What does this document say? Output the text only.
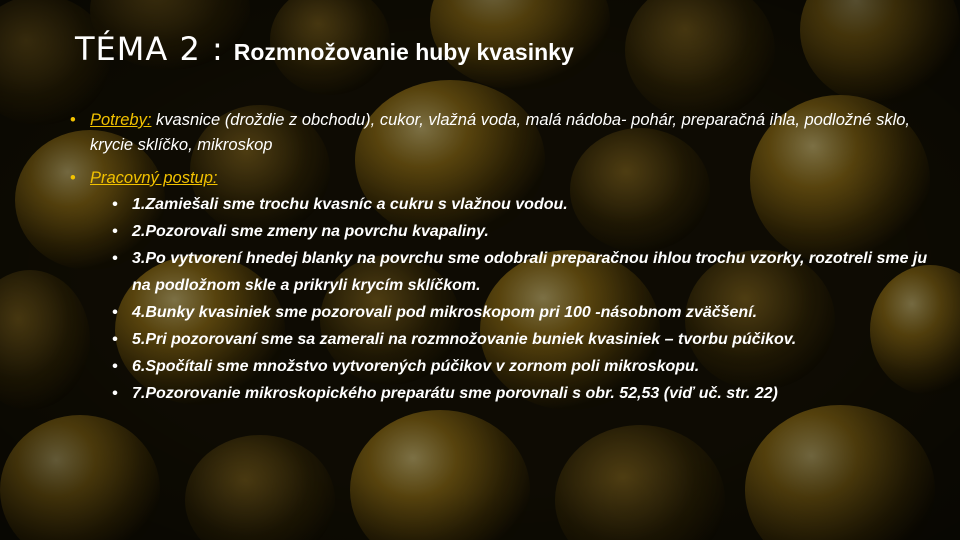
TÉMA 2 : Rozmnožovanie huby kvasinky
• Potreby: kvasnice (droždie z obchodu), cukor, vlažná voda, malá nádoba- pohár, preparačná ihla, podložné sklo, krycie sklíčko, mikroskop
• Pracovný postup:
• 1.Zamiešali sme trochu kvasníc a cukru s vlažnou vodou.
• 2.Pozorovali sme zmeny na povrchu kvapaliny.
• 3.Po vytvorení hnedej blanky na povrchu sme odobrali preparačnou ihlou trochu vzorky, rozotreli sme ju na podložnom skle a prikryli krycím sklíčkom.
• 4.Bunky kvasiniek sme pozorovali pod mikroskopom pri 100 -násobnom zväčšení.
• 5.Pri pozorovaní sme sa zamerali na rozmnožovanie buniek kvasiniek – tvorbu púčikov.
• 6.Spočítali sme množstvo vytvorených púčikov v zornom poli mikroskopu.
• 7.Pozorovanie mikroskopického preparátu sme porovnali s obr. 52,53 (viď uč. str. 22)
